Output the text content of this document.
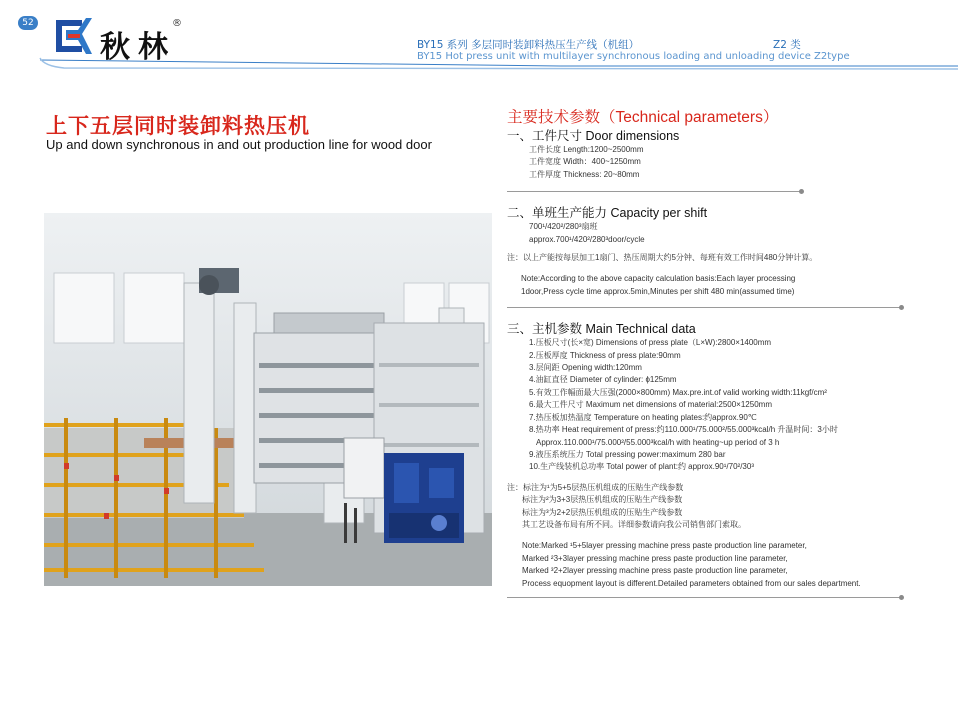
52
秋林
®
BY15 系列 多层同时装卸料热压生产线（机组）
BY15 Hot press unit with multilayer synchronous loading and unloading device Z2type
Z2 类
上下五层同时装卸料热压机
Up and down synchronous in and out production line for wood door
主要技术参数（Technical parameters）
一、工件尺寸 Door dimensions
工件长度 Length:1200~2500mm
工件宽度 Width：400~1250mm
工件厚度 Thickness: 20~80mm
二、单班生产能力 Capacity per shift
700¹/420²/280³扇班
approx.700¹/420²/280³door/cycle
注：以上产能按每层加工1扇门、热压周期大约5分钟、每班有效工作时间480分钟计算。
Note:According to the above capacity calculation basis:Each layer processing
1door,Press cycle time approx.5min,Minutes per shift 480 min(assumed time)
三、主机参数 Main Technical data
1.压板尺寸(长×宽) Dimensions of press plate（L×W):2800×1400mm
2.压板厚度 Thickness of press plate:90mm
3.层间距 Opening width:120mm
4.油缸直径 Diameter of cylinder: ɸ125mm
5.有效工作幅面最大压强(2000×800mm) Max.pre.int.of valid working width:11kgf/cm²
6.最大工件尺寸 Maximum net dimensions of material:2500×1250mm
7.热压板加热温度 Temperature on heating plates:约approx.90℃
8.热功率 Heat requirement of press:约110.000¹/75.000²/55.000³kcal/h 升温时间：3小时
Approx.110.000¹/75.000²/55.000³kcal/h with heating~up period of 3 h
9.液压系统压力 Total pressing power:maximum 280 bar
10.生产线装机总功率 Total power of plant:约 approx.90¹/70²/30³
注：标注为¹为5+5层热压机组成的压贴生产线参数
标注为²为3+3层热压机组成的压贴生产线参数
标注为³为2+2层热压机组成的压贴生产线参数
其工艺设备布局有所不同。详细参数请向我公司销售部门索取。
Note:Marked ¹5+5layer pressing machine press paste production line parameter,
Marked ²3+3layer pressing machine press paste production line parameter,
Marked ³2+2layer pressing machine press paste production line parameter,
Process equopment layout is different.Detailed parameters obtained from our sales department.
